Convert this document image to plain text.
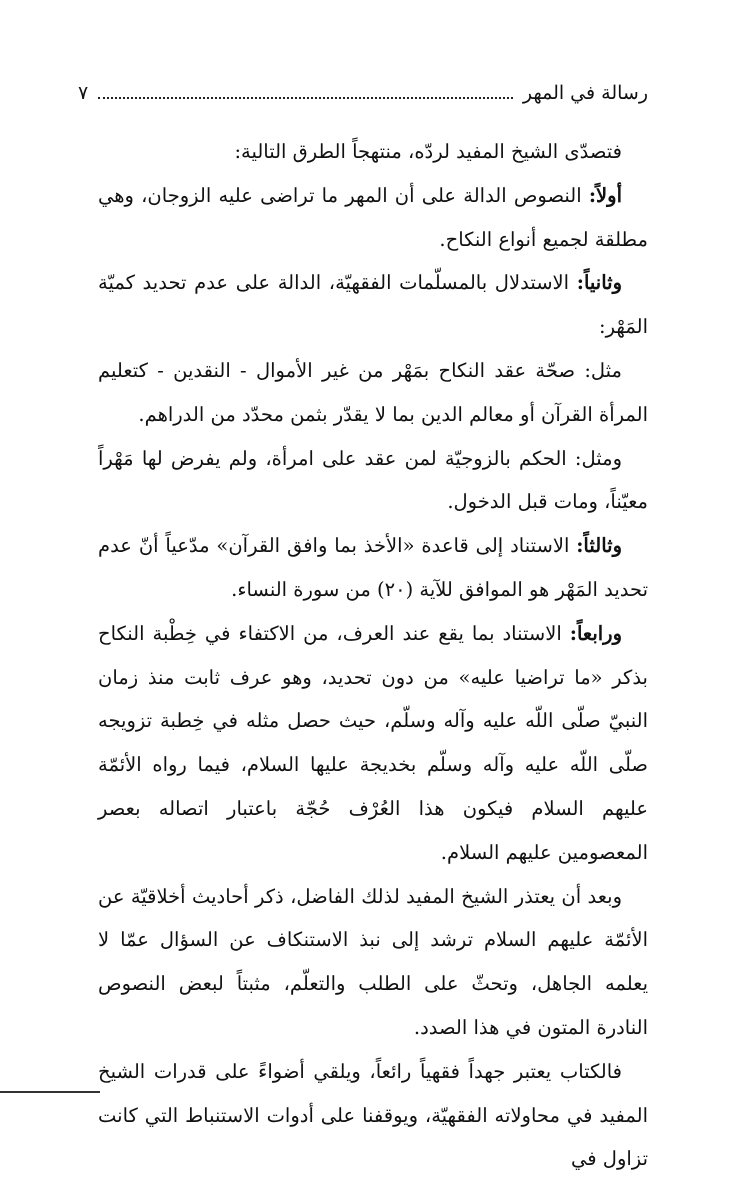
رسالة في المهر
٧

فتصدّى الشيخ المفيد لردّه، منتهجاً الطرق التالية:

أولاً: النصوص الدالة على أن المهر ما تراضى عليه الزوجان، وهي مطلقة لجميع أنواع النكاح.

وثانياً: الاستدلال بالمسلّمات الفقهيّة، الدالة على عدم تحديد كميّة المَهْر:

مثل: صحّة عقد النكاح بمَهْر من غير الأموال - النقدين - كتعليم المرأة القرآن أو معالم الدين بما لا يقدّر بثمن محدّد من الدراهم.

ومثل: الحكم بالزوجيّة لمن عقد على امرأة، ولم يفرض لها مَهْراً معيّناً، ومات قبل الدخول.

وثالثاً: الاستناد إلى قاعدة «الأخذ بما وافق القرآن» مدّعياً أنّ عدم تحديد المَهْر هو الموافق للآية (٢٠) من سورة النساء.

ورابعاً: الاستناد بما يقع عند العرف، من الاكتفاء في خِطْبة النكاح بذكر «ما تراضيا عليه» من دون تحديد، وهو عرف ثابت منذ زمان النبيّ صلّى اللّه عليه وآله وسلّم، حيث حصل مثله في خِطبة تزويجه صلّى اللّه عليه وآله وسلّم بخديجة عليها السلام، فيما رواه الأئمّة عليهم السلام فيكون هذا العُرْف حُجّة باعتبار اتصاله بعصر المعصومين عليهم السلام.

وبعد أن يعتذر الشيخ المفيد لذلك الفاضل، ذكر أحاديث أخلاقيّة عن الأئمّة عليهم السلام ترشد إلى نبذ الاستنكاف عن السؤال عمّا لا يعلمه الجاهل، وتحثّ على الطلب والتعلّم، مثبتاً لبعض النصوص النادرة المتون في هذا الصدد.

فالكتاب يعتبر جهداً فقهياً رائعاً، ويلقي أضواءً على قدرات الشيخ المفيد في محاولاته الفقهيّة، ويوقفنا على أدوات الاستنباط التي كانت تزاول في
